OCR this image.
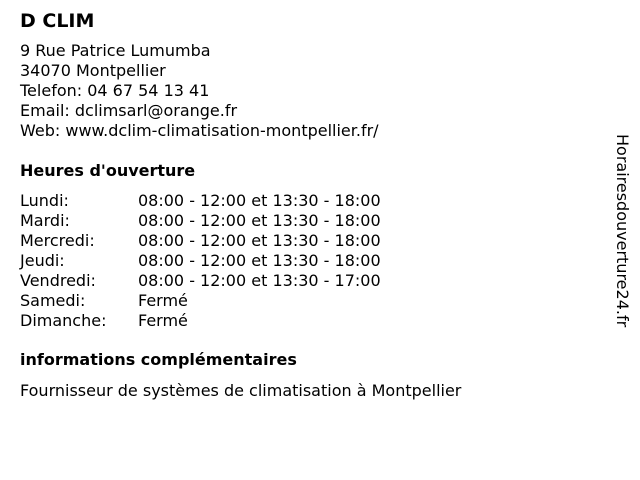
D CLIM
9 Rue Patrice Lumumba
34070 Montpellier
Telefon: 04 67 54 13 41
Email: dclimsarl@orange.fr
Web: www.dclim-climatisation-montpellier.fr/
Heures d'ouverture
Lundi:	08:00 - 12:00 et 13:30 - 18:00
Mardi:	08:00 - 12:00 et 13:30 - 18:00
Mercredi:	08:00 - 12:00 et 13:30 - 18:00
Jeudi:	08:00 - 12:00 et 13:30 - 18:00
Vendredi:	08:00 - 12:00 et 13:30 - 17:00
Samedi:	Fermé
Dimanche:	Fermé
informations complémentaires
Fournisseur de systèmes de climatisation à Montpellier
Horairesdouverture24.fr
